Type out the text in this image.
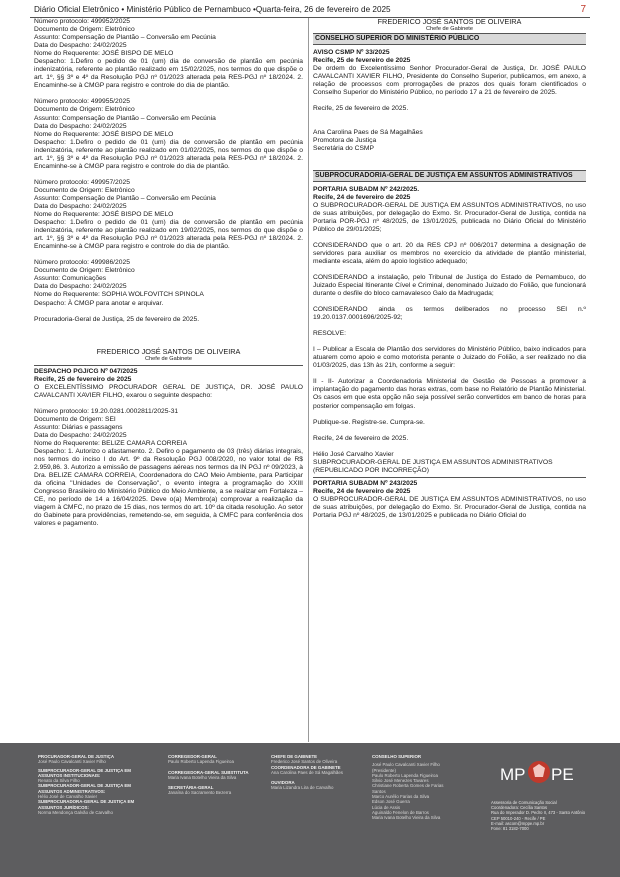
Diário Oficial Eletrônico • Ministério Público de Pernambuco •Quarta-feira, 26 de fevereiro de 2025	7

Número protocolo: 499952/2025

Documento de Origem: Eletrônico

Assunto: Compensação de Plantão – Conversão em Pecúnia

Data do Despacho: 24/02/2025

Nome do Requerente: JOSÉ BISPO DE MELO

Despacho: 1.Defiro o pedido de 01 (um) dia de conversão de plantão em pecúnia indenizatória, referente ao plantão realizado em 15/02/2025, nos termos do que dispõe o art. 1º, §§ 3º e 4º da Resolução PGJ nº 01/2023 alterada pela RES-PGJ nº 18/2024. 2. Encaminhe-se à CMGP para registro e controle do dia de plantão.

Número protocolo: 499955/2025

Documento de Origem: Eletrônico

Assunto: Compensação de Plantão – Conversão em Pecúnia

Data do Despacho: 24/02/2025

Nome do Requerente: JOSÉ BISPO DE MELO

Despacho: 1.Defiro o pedido de 01 (um) dia de conversão de plantão em pecúnia indenizatória, referente ao plantão realizado em 01/02/2025, nos termos do que dispõe o art. 1º, §§ 3º e 4º da Resolução PGJ nº 01/2023 alterada pela RES-PGJ nº 18/2024. 2. Encaminhe-se à CMGP para registro e controle do dia de plantão.

Número protocolo: 499957/2025

Documento de Origem: Eletrônico

Assunto: Compensação de Plantão – Conversão em Pecúnia

Data do Despacho: 24/02/2025

Nome do Requerente: JOSÉ BISPO DE MELO

Despacho: 1.Defiro o pedido de 01 (um) dia de conversão de plantão em pecúnia indenizatória, referente ao plantão realizado em 19/02/2025, nos termos do que dispõe o art. 1º, §§ 3º e 4º da Resolução PGJ nº 01/2023 alterada pela RES-PGJ nº 18/2024. 2. Encaminhe-se à CMGP para registro e controle do dia de plantão.

Número protocolo: 499986/2025

Documento de Origem: Eletrônico

Assunto: Comunicações

Data do Despacho: 24/02/2025

Nome do Requerente: SOPHIA WOLFOVITCH SPINOLA

Despacho: À CMGP para anotar e arquivar.

Procuradoria-Geral de Justiça, 25 de fevereiro de 2025.

FREDERICO JOSÉ SANTOS DE OLIVEIRA

Chefe de Gabinete

DESPACHO PGJ/CG Nº 047/2025

Recife, 25 de fevereiro de 2025

O EXCELENTÍSSIMO PROCURADOR GERAL DE JUSTIÇA, DR. JOSÉ PAULO CAVALCANTI XAVIER FILHO, exarou o seguinte despacho:

Número protocolo: 19.20.0281.0002811/2025-31

Documento de Origem: SEI

Assunto: Diárias e passagens

Data do Despacho: 24/02/2025

Nome do Requerente: BELIZE CAMARA CORREIA

Despacho: 1. Autorizo o afastamento. 2. Defiro o pagamento de 03 (três) diárias integrais, nos termos do inciso I do Art. 9º da Resolução PGJ 008/2020, no valor total de R$ 2.959,86. 3. Autorizo a emissão de passagens aéreas nos termos da IN PGJ nº 09/2023, à Dra. BELIZE CAMARA CORREIA, Coordenadora do CAO Meio Ambiente, para Participar da oficina "Unidades de Conservação", o evento integra a programação do XXIII Congresso Brasileiro do Ministério Público do Meio Ambiente, a se realizar em Fortaleza – CE, no período de 14 a 16/04/2025. Deve o(a) Membro(a) comprovar a realização da viagem à CMFC, no prazo de 15 dias, nos termos do art. 10º da citada resolução. Ao setor do Gabinete para providências, remetendo-se, em seguida, à CMFC para conferência dos valores e pagamento.

FREDERICO JOSÉ SANTOS DE OLIVEIRA

Chefe de Gabinete

CONSELHO SUPERIOR DO MINISTÉRIO PÚBLICO

AVISO CSMP Nº 33/2025

Recife, 25 de fevereiro de 2025

De ordem do Excelentíssimo Senhor Procurador-Geral de Justiça, Dr. JOSÉ PAULO CAVALCANTI XAVIER FILHO, Presidente do Conselho Superior, publicamos, em anexo, a relação de processos com prorrogações de prazos dos quais foram cientificados o Conselho Superior do Ministério Público, no período 17 a 21 de fevereiro de 2025.

Recife, 25 de fevereiro de 2025.

Ana Carolina Paes de Sá Magalhães

Promotora de Justiça

Secretária do CSMP

SUBPROCURADORIA-GERAL DE JUSTIÇA EM ASSUNTOS ADMINISTRATIVOS

PORTARIA SUBADM Nº 242/2025.

Recife, 24 de fevereiro de 2025

O SUBPROCURADOR-GERAL DE JUSTIÇA EM ASSUNTOS ADMINISTRATIVOS, no uso de suas atribuições, por delegação do Exmo. Sr. Procurador-Geral de Justiça, contida na Portaria POR-PGJ nº 48/2025, de 13/01/2025, publicada no Diário Oficial do Ministério Público de 29/01/2025;

CONSIDERANDO que o art. 20 da RES CPJ nº 006/2017 determina a designação de servidores para auxiliar os membros no exercício da atividade de plantão ministerial, mediante escala, além do apoio logístico adequado;

CONSIDERANDO a instalação, pelo Tribunal de Justiça do Estado de Pernambuco, do Juizado Especial Itinerante Cível e Criminal, denominado Juizado do Folião, que funcionará durante o desfile do bloco carnavalesco Galo da Madrugada;

CONSIDERANDO ainda os termos deliberados no processo SEI n.º 19.20.0137.0001696/2025-92;

RESOLVE:

I – Publicar a Escala de Plantão dos servidores do Ministério Público, baixo indicados para atuarem como apoio e como motorista perante o Juizado do Folião, a ser realizado no dia 01/03/2025, das 13h às 21h, conforme a seguir:

II - II- Autorizar a Coordenadoria Ministerial de Gestão de Pessoas a promover a implantação do pagamento das horas extras, com base no Relatório de Plantão Ministerial. Os casos em que esta opção não seja possível serão convertidos em banco de horas para posterior compensação em folgas.

Publique-se. Registre-se. Cumpra-se.

Recife, 24 de fevereiro de 2025.

Hélio José Carvalho Xavier

SUBPROCURADOR-GERAL DE JUSTIÇA EM ASSUNTOS ADMINISTRATIVOS

(REPUBLICADO POR INCORREÇÃO)

PORTARIA SUBADM Nº 243/2025

Recife, 24 de fevereiro de 2025

O SUBPROCURADOR-GERAL DE JUSTIÇA EM ASSUNTOS ADMINISTRATIVOS, no uso de suas atribuições, por delegação do Exmo. Sr. Procurador-Geral de Justiça, contida na Portaria PGJ nº 48/2025, de 13/01/2025 e publicada no Diário Oficial do

PROCURADOR-GERAL DE JUSTIÇA

José Paulo Cavalcanti Xavier Filho

SUBPROCURADOR-GERAL DE JUSTIÇA EM ASSUNTOS INSTITUCIONAIS:

Renato da Silva Filho

SUBPROCURADOR-GERAL DE JUSTIÇA EM ASSUNTOS ADMINISTRATIVOS:

Hélio José de Carvalho Xavier

SUBPROCURADORA-GERAL DE JUSTIÇA EM ASSUNTOS JURÍDICOS:

Norma Mendonça Galvão de Carvalho

CORREGEDOR-GERAL

Paulo Roberto Lapenda Figueiroa

CORREGEDORA-GERAL SUBSTITUTA

Maria Ivana Botelho Vieira da Silva

SECRETÁRIA-GERAL

Janaína do Sacramento Bezerra

CHEFE DE GABINETE

Frederico José Santos de Oliveira

COORDENADORA DE GABINETE

Ana Carolina Paes de Sá Magalhães

OUVIDORA

Maria Lizandra Lira de Carvalho

CONSELHO SUPERIOR

José Paulo Cavalcanti Xavier Filho

(Presidente)

Paulo Roberto Lapenda Figueiroa

Silvio José Menezes Tavares

Christiane Roberta Gomes de Farias Santos

Marco Aurélio Farias da Silva

Edson José Guerra

Lúcia de Assis

Aguinaldo Fenelon de Barros

Maria Ivana Botelho Vieira da Silva

MP PE

Assessoria de Comunicação Social

Coordenadora: Cecília Santos

Rua do Imperador D. Pedro II, 473 - Santo Antônio

CEP 50010-240 - Recife / PE

E-mail: ascom@mppe.mp.br

Fone: 81 3182-7000
